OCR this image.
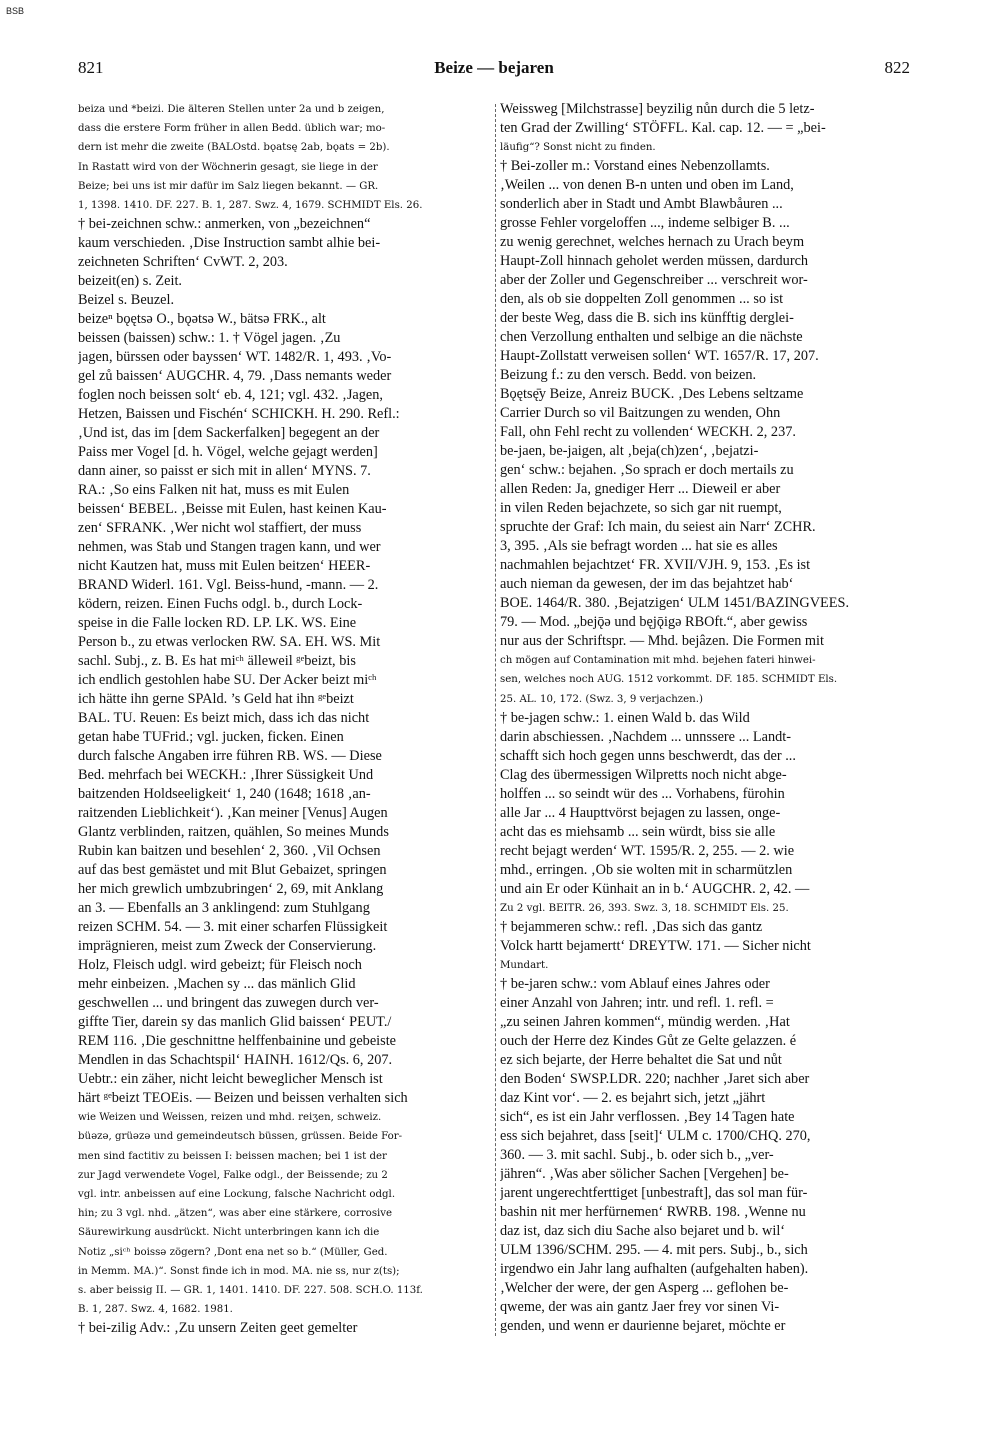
BSB
821	Beize — bejaren	822
beiza und *beizi. Die älteren Stellen unter 2a und b zeigen,
dass die erstere Form früher in allen Bedd. üblich war; mo-
dern ist mehr die zweite (BALOstd. bǫatsę 2ab, bǫats = 2b).
In Rastatt wird von der Wöchnerin gesagt, sie liege in der
Beize; bei uns ist mir dafür im Salz liegen bekannt. — GR.
1, 1398. 1410. DF. 227. B. 1, 287. Swz. 4, 1679. SCHMIDT Els. 26.
† bei-zeichnen schw.: anmerken, von „bezeichnen“
kaum verschieden. ‚Dise Instruction sambt alhie bei-
zeichneten Schriften‘ CvWT. 2, 203.
beizeit(en) s. Zeit.
Beizel s. Beuzel.
beizeⁿ bǫętsə O., bǫətsə W., bätsə FRK., alt
beissen (baissen) schw.: 1. † Vögel jagen. ‚Zu
jagen, bürssen oder bayssen‘ WT. 1482/R. 1, 493. ‚Vo-
gel zů baissen‘ AUGCHR. 4, 79. ‚Dass nemants weder
foglen noch beissen solt‘ eb. 4, 121; vgl. 432. ‚Jagen,
Hetzen, Baissen und Fischén‘ SCHICKH. H. 290. Refl.:
‚Und ist, das im [dem Sackerfalken] begegent an der
Paiss mer Vogel [d. h. Vögel, welche gejagt werden]
dann ainer, so paisst er sich mit in allen‘ MYNS. 7.
RA.: ‚So eins Falken nit hat, muss es mit Eulen
beissen‘ BEBEL. ‚Beisse mit Eulen, hast keinen Kau-
zen‘ SFRANK. ‚Wer nicht wol staffiert, der muss
nehmen, was Stab und Stangen tragen kann, und wer
nicht Kautzen hat, muss mit Eulen beitzen‘ HEER-
BRAND Widerl. 161. Vgl. Beiss-hund, -mann. — 2.
ködern, reizen. Einen Fuchs odgl. b., durch Lock-
speise in die Falle locken RD. LP. LK. WS. Eine
Person b., zu etwas verlocken RW. SA. EH. WS. Mit
sachl. Subj., z. B. Es hat miᶜʰ älleweil ᵍᵉbeizt, bis
ich endlich gestohlen habe SU. Der Acker beizt miᶜʰ
ich hätte ihn gerne SPAld. ’s Geld hat ihn ᵍᵉbeizt
BAL. TU. Reuen: Es beizt mich, dass ich das nicht
getan habe TUFrid.; vgl. jucken, ficken. Einen
durch falsche Angaben irre führen RB. WS. — Diese
Bed. mehrfach bei WECKH.: ‚Ihrer Süssigkeit Und
baitzenden Holdseeligkeit‘ 1, 240 (1648; 1618 ‚an-
raitzenden Lieblichkeit‘). ‚Kan meiner [Venus] Augen
Glantz verblinden, raitzen, quählen, So meines Munds
Rubin kan baitzen und besehlen‘ 2, 360. ‚Vil Ochsen
auf das best gemästet und mit Blut Gebaizet, springen
her mich grewlich umbzubringen‘ 2, 69, mit Anklang
an 3. — Ebenfalls an 3 anklingend: zum Stuhlgang
reizen SCHM. 54. — 3. mit einer scharfen Flüssigkeit
imprägnieren, meist zum Zweck der Conservierung.
Holz, Fleisch udgl. wird gebeizt; für Fleisch noch
mehr einbeizen. ‚Machen sy ... das mänlich Glid
geschwellen ... und bringent das zuwegen durch ver-
giffte Tier, darein sy das manlich Glid baissen‘ PEUT./
REM 116. ‚Die geschnittne helffenbainine und gebeiste
Mendlen in das Schachtspil‘ HAINH. 1612/Qs. 6, 207.
Uebtr.: ein zäher, nicht leicht beweglicher Mensch ist
härt ᵍᵉbeizt TEOEis. — Beizen und beissen verhalten sich
wie Weizen und Weissen, reizen und mhd. reiʒen, schweiz.
büəzə, grüəzə und gemeindeutsch büssen, grüssen. Beide For-
men sind factitiv zu beissen I: beissen machen; bei 1 ist der
zur Jagd verwendete Vogel, Falke odgl., der Beissende; zu 2
vgl. intr. anbeissen auf eine Lockung, falsche Nachricht odgl.
hin; zu 3 vgl. nhd. „ätzen“, was aber eine stärkere, corrosive
Säurewirkung ausdrückt. Nicht unterbringen kann ich die
Notiz „siᶜʰ boissə zögern? ‚Dont ena net so b.“ (Müller, Ged.
in Memm. MA.)“. Sonst finde ich in mod. MA. nie ss, nur z(ts);
s. aber beissig II. — GR. 1, 1401. 1410. DF. 227. 508. SCH.O. 113f.
B. 1, 287. Swz. 4, 1682. 1981.
† bei-zilig Adv.: ‚Zu unsern Zeiten geet gemelter
Weissweg [Milchstrasse] beyzilig nůn durch die 5 letz-
ten Grad der Zwilling‘ STÖFFL. Kal. cap. 12. — = „bei-
läufig“? Sonst nicht zu finden.
† Bei-zoller m.: Vorstand eines Nebenzollamts.
‚Weilen ... von denen B-n unten und oben im Land,
sonderlich aber in Stadt und Ambt Blawbåuren ...
grosse Fehler vorgeloffen ..., indeme selbiger B. ...
zu wenig gerechnet, welches hernach zu Urach beym
Haupt-Zoll hinnach geholet werden müssen, dardurch
aber der Zoller und Gegenschreiber ... verschreit wor-
den, als ob sie doppelten Zoll genommen ... so ist
der beste Weg, dass die B. sich ins künfftig derglei-
chen Verzollung enthalten und selbige an die nächste
Haupt-Zollstatt verweisen sollen‘ WT. 1657/R. 17, 207.
Beizung f.: zu den versch. Bedd. von beizen.
Bǫętsę̄y Beize, Anreiz BUCK. ‚Des Lebens seltzame
Carrier Durch so vil Baitzungen zu wenden, Ohn
Fall, ohn Fehl recht zu vollenden‘ WECKH. 2, 237.
be-jaen, be-jaigen, alt ‚beja(ch)zen‘, ‚bejatzi-
gen‘ schw.: bejahen. ‚So sprach er doch mertails zu
allen Reden: Ja, gnediger Herr ... Dieweil er aber
in vilen Reden bejachzete, so sich gar nit ruempt,
spruchte der Graf: Ich main, du seiest ain Narr‘ ZCHR.
3, 395. ‚Als sie befragt worden ... hat sie es alles
nachmahlen bejachtzet‘ FR. XVII/VJH. 9, 153. ‚Es ist
auch nieman da gewesen, der im das bejahtzet hab‘
BOE. 1464/R. 380. ‚Bejatzigen‘ ULM 1451/BAZINGVEES.
79. — Mod. „bejǭə und bęjǭigə RBOft.“, aber gewiss
nur aus der Schriftspr. — Mhd. bejâzen. Die Formen mit
ch mögen auf Contamination mit mhd. bejehen fateri hinwei-
sen, welches noch AUG. 1512 vorkommt. DF. 185. SCHMIDT Els.
25. AL. 10, 172. (Swz. 3, 9 verjachzen.)
† be-jagen schw.: 1. einen Wald b. das Wild
darin abschiessen. ‚Nachdem ... unnssere ... Landt-
schafft sich hoch gegen unns beschwerdt, das der ...
Clag des übermessigen Wilpretts noch nicht abge-
holffen ... so seindt wür des ... Vorhabens, fürohin
alle Jar ... 4 Haupttvörst bejagen zu lassen, onge-
acht das es miehsamb ... sein würdt, biss sie alle
recht bejagt werden‘ WT. 1595/R. 2, 255. — 2. wie
mhd., erringen. ‚Ob sie wolten mit in scharmützlen
und ain Er oder Künhait an in b.‘ AUGCHR. 2, 42. —
Zu 2 vgl. BEITR. 26, 393. Swz. 3, 18. SCHMIDT Els. 25.
† bejammeren schw.: refl. ‚Das sich das gantz
Volck hartt bejamertt‘ DREYTW. 171. — Sicher nicht
Mundart.
† be-jaren schw.: vom Ablauf eines Jahres oder
einer Anzahl von Jahren; intr. und refl. 1. refl. =
„zu seinen Jahren kommen“, mündig werden. ‚Hat
ouch der Herre dez Kindes Gůt ze Gelte gelazzen. é
ez sich bejarte, der Herre behaltet die Sat und nůt
den Boden‘ SWSP.LDR. 220; nachher ‚Jaret sich aber
daz Kint vor‘. — 2. es bejahrt sich, jetzt „jährt
sich“, es ist ein Jahr verflossen. ‚Bey 14 Tagen hate
ess sich bejahret, dass [seit]‘ ULM c. 1700/CHQ. 270,
360. — 3. mit sachl. Subj., b. oder sich b., „ver-
jähren“. ‚Was aber sölicher Sachen [Vergehen] be-
jarent ungerechtferttiget [unbestraft], das sol man für-
bashin nit mer herfürnemen‘ RWRB. 198. ‚Wenne nu
daz ist, daz sich diu Sache also bejaret und b. wil‘
ULM 1396/SCHM. 295. — 4. mit pers. Subj., b., sich
irgendwo ein Jahr lang aufhalten (aufgehalten haben).
‚Welcher der were, der gen Asperg ... geflohen be-
qweme, der was ain gantz Jaer frey vor sinen Vi-
genden, und wenn er daurienne bejaret, möchte er
